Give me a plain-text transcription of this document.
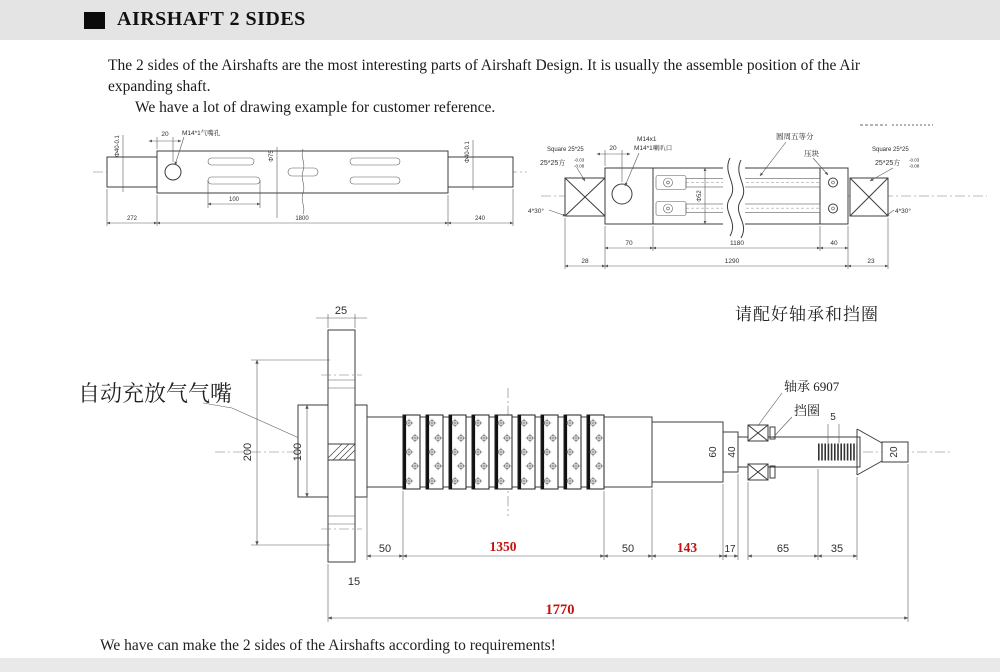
AIRSHAFT 2 SIDES

The 2 sides of the Airshafts are the most interesting parts of Airshaft Design. It is usually the assemble position of the Air

expanding shaft.

We have a lot of drawing example for customer reference.

20 M14*1气嘴孔
Φ40-0.1	Φ75	Φ40-0.1
100
272	1800	240
Square 25*25
25*25方 -0.03
-0.08
4*30°
M14x1
M14*1喇叭口
圆周五等分
压块	Square 25*25
25*25方 -0.03
-0.08
4*30°
20
Φ52
70	1180	40
28	1290	23
请配好轴承和挡圈
自动充放气气嘴	轴承 6907
挡圈
25
200	100	60 40
5
20
50	1350	50	143	17	65	35
15
1770

We have can make the 2 sides of the Airshafts according to requirements!
